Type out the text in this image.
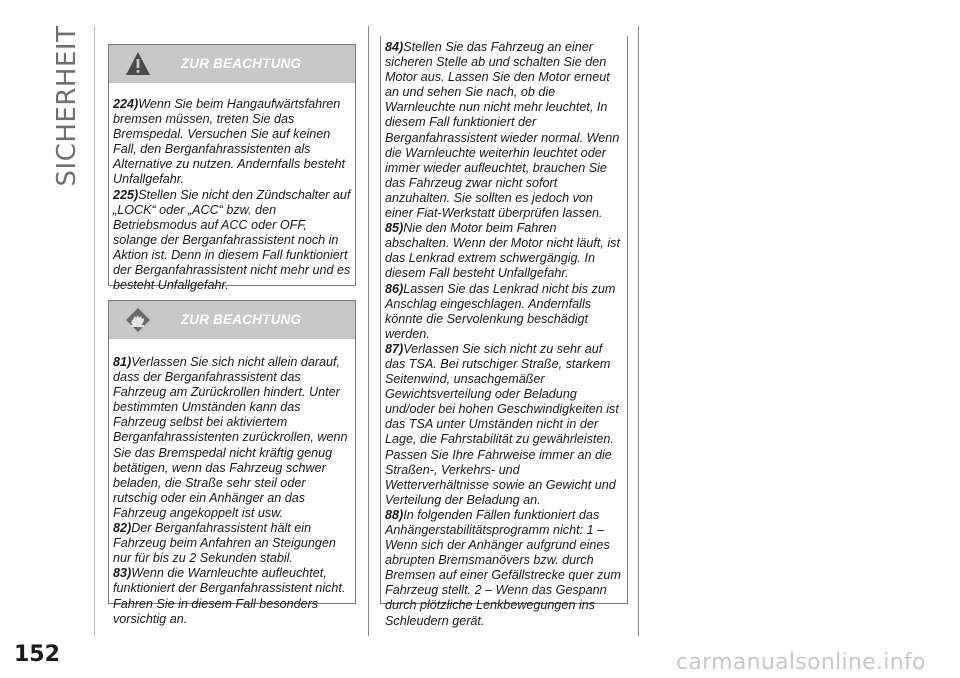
SICHERHEIT	ZUR BEACHTUNG
224)Wenn Sie beim Hangaufwärtsfahren bremsen müssen, treten Sie das Bremspedal. Versuchen Sie auf keinen Fall, den Berganfahrassistenten als Alternative zu nutzen. Andernfalls besteht Unfallgefahr.
225)Stellen Sie nicht den Zündschalter auf „LOCK“ oder „ACC“ bzw. den Betriebsmodus auf ACC oder OFF, solange der Berganfahrassistent noch in Aktion ist. Denn in diesem Fall funktioniert der Berganfahrassistent nicht mehr und es besteht Unfallgefahr.
ZUR BEACHTUNG
81)Verlassen Sie sich nicht allein darauf, dass der Berganfahrassistent das Fahrzeug am Zurückrollen hindert. Unter bestimmten Umständen kann das Fahrzeug selbst bei aktiviertem Berganfahrassistenten zurückrollen, wenn Sie das Bremspedal nicht kräftig genug betätigen, wenn das Fahrzeug schwer beladen, die Straße sehr steil oder rutschig oder ein Anhänger an das Fahrzeug angekoppelt ist usw.
82)Der Berganfahrassistent hält ein Fahrzeug beim Anfahren an Steigungen nur für bis zu 2 Sekunden stabil.
83)Wenn die Warnleuchte aufleuchtet, funktioniert der Berganfahrassistent nicht. Fahren Sie in diesem Fall besonders vorsichtig an.
84)Stellen Sie das Fahrzeug an einer sicheren Stelle ab und schalten Sie den Motor aus. Lassen Sie den Motor erneut an und sehen Sie nach, ob die Warnleuchte nun nicht mehr leuchtet, In diesem Fall funktioniert der Berganfahrassistent wieder normal. Wenn die Warnleuchte weiterhin leuchtet oder immer wieder aufleuchtet, brauchen Sie das Fahrzeug zwar nicht sofort anzuhalten. Sie sollten es jedoch von einer Fiat-Werkstatt überprüfen lassen.
85)Nie den Motor beim Fahren abschalten. Wenn der Motor nicht läuft, ist das Lenkrad extrem schwergängig. In diesem Fall besteht Unfallgefahr.
86)Lassen Sie das Lenkrad nicht bis zum Anschlag eingeschlagen. Andernfalls könnte die Servolenkung beschädigt werden.
87)Verlassen Sie sich nicht zu sehr auf das TSA. Bei rutschiger Straße, starkem Seitenwind, unsachgemäßer Gewichtsverteilung oder Beladung und/oder bei hohen Geschwindigkeiten ist das TSA unter Umständen nicht in der Lage, die Fahrstabilität zu gewährleisten. Passen Sie Ihre Fahrweise immer an die Straßen-, Verkehrs- und Wetterverhältnisse sowie an Gewicht und Verteilung der Beladung an.
88)In folgenden Fällen funktioniert das Anhängerstabilitätsprogramm nicht: 1 – Wenn sich der Anhänger aufgrund eines abrupten Bremsmanövers bzw. durch Bremsen auf einer Gefällstrecke quer zum Fahrzeug stellt. 2 – Wenn das Gespann durch plötzliche Lenkbewegungen ins Schleudern gerät.
152	carmanualsonline.info
